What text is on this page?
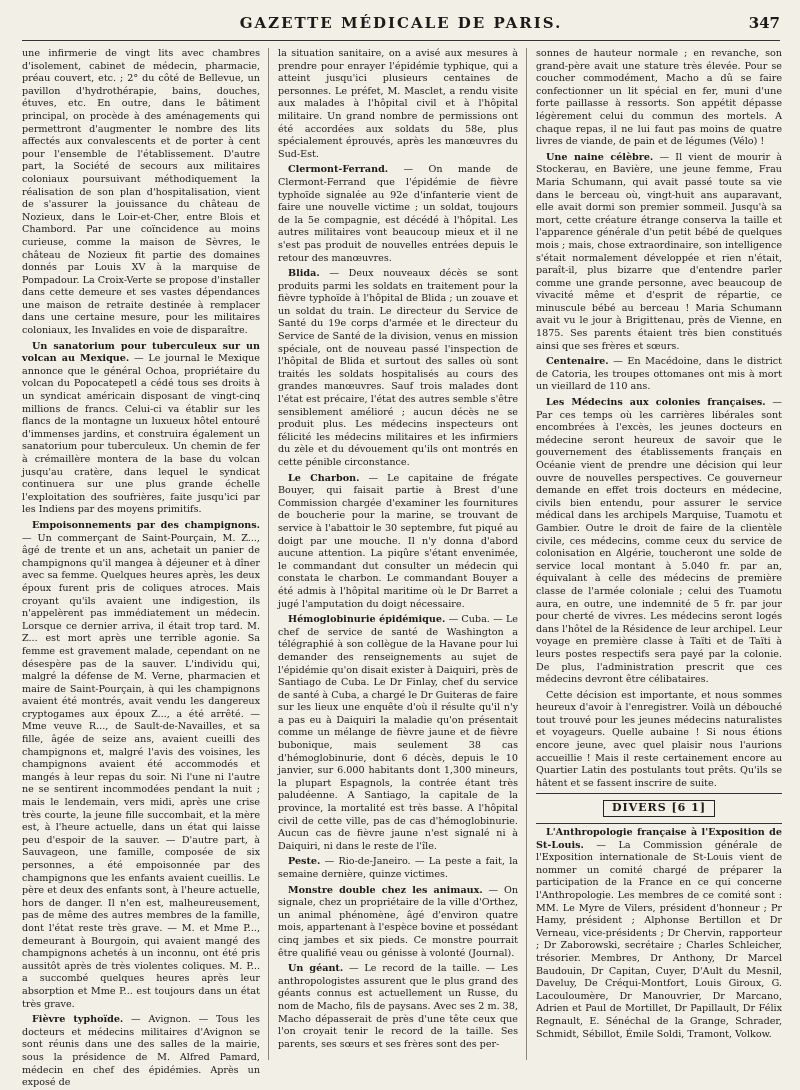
GAZETTE MÉDICALE DE PARIS.	347

une infirmerie de vingt lits avec chambres d'isolement, cabinet de médecin, pharmacie, préau couvert, etc. ; 2° du côté de Bellevue, un pavillon d'hydrothérapie, bains, douches, étuves, etc. En outre, dans le bâtiment principal, on procède à des aménagements qui permettront d'augmenter le nombre des lits affectés aux convalescents et de porter à cent pour l'ensemble de l'établissement. D'autre part, la Société de secours aux militaires coloniaux poursuivant méthodiquement la réalisation de son plan d'hospitalisation, vient de s'assurer la jouissance du château de Nozieux, dans le Loir-et-Cher, entre Blois et Chambord. Par une coïncidence au moins curieuse, comme la maison de Sèvres, le château de Nozieux fit partie des domaines donnés par Louis XV à la marquise de Pompadour. La Croix-Verte se propose d'installer dans cette demeure et ses vastes dépendances une maison de retraite destinée à remplacer dans une certaine mesure, pour les militaires coloniaux, les Invalides en voie de disparaître.

Un sanatorium pour tuberculeux sur un volcan au Mexique. — Le journal le Mexique annonce que le général Ochoa, propriétaire du volcan du Popocatepetl a cédé tous ses droits à un syndicat américain disposant de vingt-cinq millions de francs. Celui-ci va établir sur les flancs de la montagne un luxueux hôtel entouré d'immenses jardins, et construira également un sanatorium pour tuberculeux. Un chemin de fer à crémaillère montera de la base du volcan jusqu'au cratère, dans lequel le syndicat continuera sur une plus grande échelle l'exploitation des soufrières, faite jusqu'ici par les Indiens par des moyens primitifs.

Empoisonnements par des champignons. — Un commerçant de Saint-Pourçain, M. Z..., âgé de trente et un ans, achetait un panier de champignons qu'il mangea à déjeuner et à dîner avec sa femme. Quelques heures après, les deux époux furent pris de coliques atroces. Mais croyant qu'ils avaient une indigestion, ils n'appelèrent pas immédiatement un médecin. Lorsque ce dernier arriva, il était trop tard. M. Z... est mort après une terrible agonie. Sa femme est gravement malade, cependant on ne désespère pas de la sauver. L'individu qui, malgré la défense de M. Verne, pharmacien et maire de Saint-Pourçain, à qui les champignons avaient été montrés, avait vendu les dangereux cryptogames aux époux Z..., a été arrêté. — Mme veuve R..., de Sault-de-Navailles, et sa fille, âgée de seize ans, avaient cueilli des champignons et, malgré l'avis des voisines, les champignons avaient été accommodés et mangés à leur repas du soir. Ni l'une ni l'autre ne se sentirent incommodées pendant la nuit ; mais le lendemain, vers midi, après une crise très courte, la jeune fille succombait, et la mère est, à l'heure actuelle, dans un état qui laisse peu d'espoir de la sauver. — D'autre part, à Sauvageon, une famille, composée de six personnes, a été empoisonnée par des champignons que les enfants avaient cueillis. Le père et deux des enfants sont, à l'heure actuelle, hors de danger. Il n'en est, malheureusement, pas de même des autres membres de la famille, dont l'état reste très grave. — M. et Mme P..., demeurant à Bourgoin, qui avaient mangé des champignons achetés à un inconnu, ont été pris aussitôt après de très violentes coliques. M. P... a succombé quelques heures après leur absorption et Mme P... est toujours dans un état très grave.

Fièvre typhoïde. — Avignon. — Tous les docteurs et médecins militaires d'Avignon se sont réunis dans une des salles de la mairie, sous la présidence de M. Alfred Pamard, médecin en chef des épidémies. Après un exposé de

la situation sanitaire, on a avisé aux mesures à prendre pour enrayer l'épidémie typhique, qui a atteint jusqu'ici plusieurs centaines de personnes. Le préfet, M. Masclet, a rendu visite aux malades à l'hôpital civil et à l'hôpital militaire. Un grand nombre de permissions ont été accordées aux soldats du 58e, plus spécialement éprouvés, après les manœuvres du Sud-Est.

Clermont-Ferrand. — On mande de Clermont-Ferrand que l'épidémie de fièvre typhoïde signalée au 92e d'infanterie vient de faire une nouvelle victime ; un soldat, toujours de la 5e compagnie, est décédé à l'hôpital. Les autres militaires vont beaucoup mieux et il ne s'est pas produit de nouvelles entrées depuis le retour des manœuvres.

Blida. — Deux nouveaux décès se sont produits parmi les soldats en traitement pour la fièvre typhoïde à l'hôpital de Blida ; un zouave et un soldat du train. Le directeur du Service de Santé du 19e corps d'armée et le directeur du Service de Santé de la division, venus en mission spéciale, ont de nouveau passé l'inspection de l'hôpital de Blida et surtout des salles où sont traités les soldats hospitalisés au cours des grandes manœuvres. Sauf trois malades dont l'état est précaire, l'état des autres semble s'être sensiblement amélioré ; aucun décès ne se produit plus. Les médecins inspecteurs ont félicité les médecins militaires et les infirmiers du zèle et du dévouement qu'ils ont montrés en cette pénible circonstance.

Le Charbon. — Le capitaine de frégate Bouyer, qui faisait partie à Brest d'une Commission chargée d'examiner les fournitures de boucherie pour la marine, se trouvant de service à l'abattoir le 30 septembre, fut piqué au doigt par une mouche. Il n'y donna d'abord aucune attention. La piqûre s'étant envenimée, le commandant dut consulter un médecin qui constata le charbon. Le commandant Bouyer a été admis à l'hôpital maritime où le Dr Barret a jugé l'amputation du doigt nécessaire.

Hémoglobinurie épidémique. — Cuba. — Le chef de service de santé de Washington a télégraphié à son collègue de la Havane pour lui demander des renseignements au sujet de l'épidémie qu'on disait exister à Daiquiri, près de Santiago de Cuba. Le Dr Finlay, chef du service de santé à Cuba, a chargé le Dr Guiteras de faire sur les lieux une enquête d'où il résulte qu'il n'y a pas eu à Daiquiri la maladie qu'on présentait comme un mélange de fièvre jaune et de fièvre bubonique, mais seulement 38 cas d'hémoglobinurie, dont 6 décès, depuis le 10 janvier, sur 6.000 habitants dont 1,300 mineurs, la plupart Espagnols, la contrée étant très paludéenne. A Santiago, la capitale de la province, la mortalité est très basse. A l'hôpital civil de cette ville, pas de cas d'hémoglobinurie. Aucun cas de fièvre jaune n'est signalé ni à Daiquiri, ni dans le reste de l'île.

Peste. — Rio-de-Janeiro. — La peste a fait, la semaine dernière, quinze victimes.

Monstre double chez les animaux. — On signale, chez un propriétaire de la ville d'Orthez, un animal phénomène, âgé d'environ quatre mois, appartenant à l'espèce bovine et possédant cinq jambes et six pieds. Ce monstre pourrait être qualifié veau ou génisse à volonté (Journal).

Un géant. — Le record de la taille. — Les anthropologistes assurent que le plus grand des géants connus est actuellement un Russe, du nom de Macho, fils de paysans. Avec ses 2 m. 38, Macho dépasserait de près d'une tête ceux que l'on croyait tenir le record de la taille. Ses parents, ses sœurs et ses frères sont des per-

sonnes de hauteur normale ; en revanche, son grand-père avait une stature très élevée. Pour se coucher commodément, Macho a dû se faire confectionner un lit spécial en fer, muni d'une forte paillasse à ressorts. Son appétit dépasse légèrement celui du commun des mortels. A chaque repas, il ne lui faut pas moins de quatre livres de viande, de pain et de légumes (Vélo) !

Une naine célèbre. — Il vient de mourir à Stockerau, en Bavière, une jeune femme, Frau Maria Schumann, qui avait passé toute sa vie dans le berceau où, vingt-huit ans auparavant, elle avait dormi son premier sommeil. Jusqu'à sa mort, cette créature étrange conserva la taille et l'apparence générale d'un petit bébé de quelques mois ; mais, chose extraordinaire, son intelligence s'était normalement développée et rien n'était, paraît-il, plus bizarre que d'entendre parler comme une grande personne, avec beaucoup de vivacité même et d'esprit de répartie, ce minuscule bébé au berceau ! Maria Schumann avait vu le jour à Brigittenau, près de Vienne, en 1875. Ses parents étaient très bien constitués ainsi que ses frères et sœurs.

Centenaire. — En Macédoine, dans le district de Catoria, les troupes ottomanes ont mis à mort un vieillard de 110 ans.

Les Médecins aux colonies françaises. — Par ces temps où les carrières libérales sont encombrées à l'excès, les jeunes docteurs en médecine seront heureux de savoir que le gouvernement des établissements français en Océanie vient de prendre une décision qui leur ouvre de nouvelles perspectives. Ce gouverneur demande en effet trois docteurs en médecine, civils bien entendu, pour assurer le service médical dans les archipels Marquise, Tuamotu et Gambier. Outre le droit de faire de la clientèle civile, ces médecins, comme ceux du service de colonisation en Algérie, toucheront une solde de service local montant à 5.040 fr. par an, équivalant à celle des médecins de première classe de l'armée coloniale ; celui des Tuamotu aura, en outre, une indemnité de 5 fr. par jour pour cherté de vivres. Les médecins seront logés dans l'hôtel de la Résidence de leur archipel. Leur voyage en première classe à Taïti et de Taïti à leurs postes respectifs sera payé par la colonie. De plus, l'administration prescrit que ces médecins devront être célibataires.

Cette décision est importante, et nous sommes heureux d'avoir à l'enregistrer. Voilà un débouché tout trouvé pour les jeunes médecins naturalistes et voyageurs. Quelle aubaine ! Si nous étions encore jeune, avec quel plaisir nous l'aurions accueillie ! Mais il reste certainement encore au Quartier Latin des postulants tout prêts. Qu'ils se hâtent et se fassent inscrire de suite.

DIVERS [6 1]

L'Anthropologie française à l'Exposition de St-Louis. — La Commission générale de l'Exposition internationale de St-Louis vient de nommer un comité chargé de préparer la participation de la France en ce qui concerne l'Anthropologie. Les membres de ce comité sont : MM. Le Myre de Vilers, président d'honneur ; Pr Hamy, président ; Alphonse Bertillon et Dr Verneau, vice-présidents ; Dr Chervin, rapporteur ; Dr Zaborowski, secrétaire ; Charles Schleicher, trésorier. Membres, Dr Anthony, Dr Marcel Baudouin, Dr Capitan, Cuyer, D'Ault du Mesnil, Daveluy, De Créqui-Montfort, Louis Giroux, G. Lacouloumère, Dr Manouvrier, Dr Marcano, Adrien et Paul de Mortillet, Dr Papillault, Dr Félix Regnault, E. Sénéchal de la Grange, Schrader, Schmidt, Sébillot, Émile Soldi, Tramont, Volkow.
